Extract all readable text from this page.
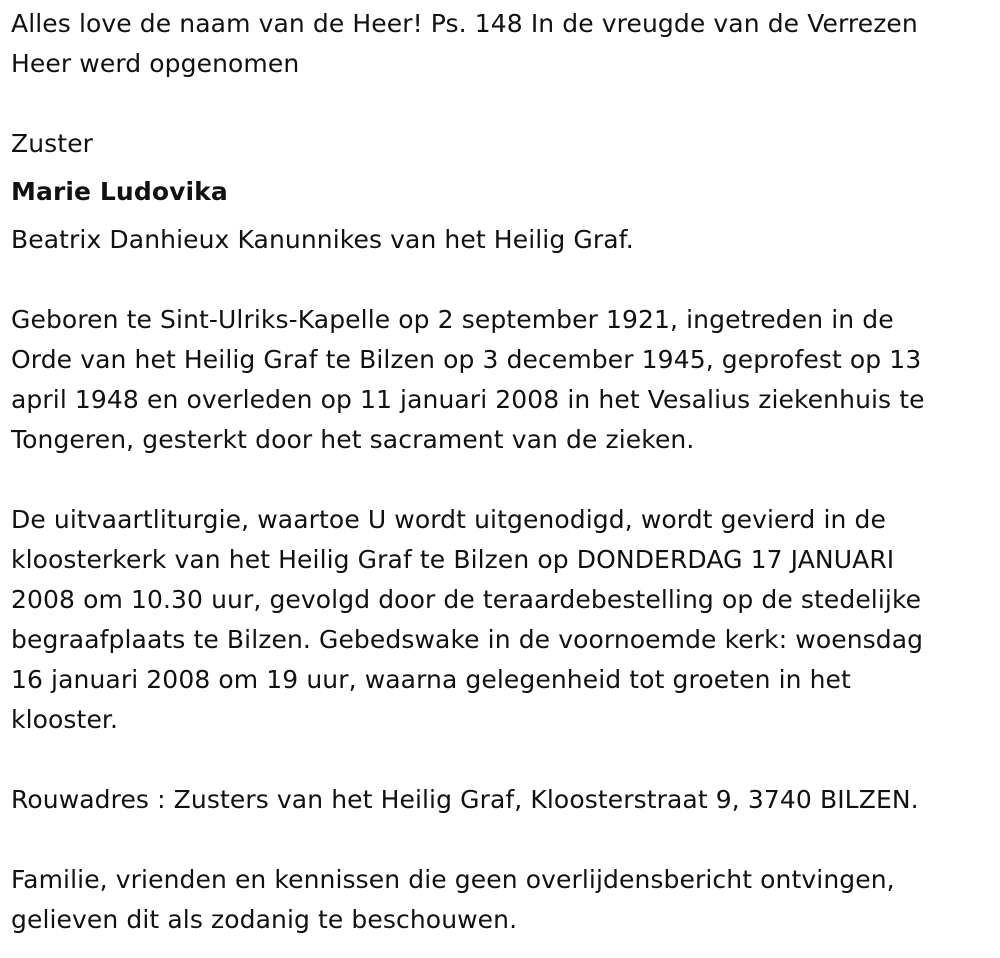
Alles love de naam van de Heer! Ps. 148 In de vreugde van de Verrezen
Heer werd opgenomen

Zuster

Marie Ludovika

Beatrix Danhieux Kanunnikes van het Heilig Graf.

Geboren te Sint-Ulriks-Kapelle op 2 september 1921, ingetreden in de
Orde van het Heilig Graf te Bilzen op 3 december 1945, geprofest op 13
april 1948 en overleden op 11 januari 2008 in het Vesalius ziekenhuis te
Tongeren, gesterkt door het sacrament van de zieken.

De uitvaartliturgie, waartoe U wordt uitgenodigd, wordt gevierd in de
kloosterkerk van het Heilig Graf te Bilzen op DONDERDAG 17 JANUARI
2008 om 10.30 uur, gevolgd door de teraardebestelling op de stedelijke
begraafplaats te Bilzen. Gebedswake in de voornoemde kerk: woensdag
16 januari 2008 om 19 uur, waarna gelegenheid tot groeten in het
klooster.

Rouwadres : Zusters van het Heilig Graf, Kloosterstraat 9, 3740 BILZEN.

Familie, vrienden en kennissen die geen overlijdensbericht ontvingen,
gelieven dit als zodanig te beschouwen.
